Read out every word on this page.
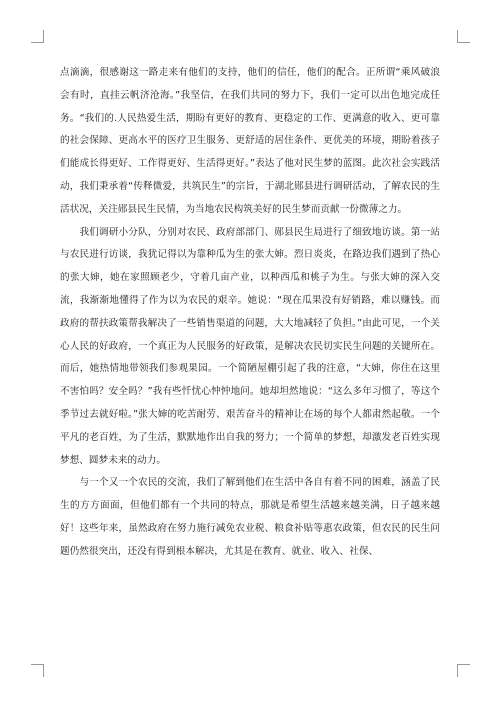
点滴滴，很感谢这一路走来有他们的支持，他们的信任，他们的配合。正所谓“乘风破浪会有时，直挂云帆济沧海。”我坚信，在我们共同的努力下，我们一定可以出色地完成任务。“我们的.人民热爱生活，期盼有更好的教育、更稳定的工作、更满意的收入、更可靠的社会保障、更高水平的医疗卫生服务、更舒适的居住条件、更优美的环境，期盼着孩子们能成长得更好、工作得更好、生活得更好。”表达了他对民生梦的蓝图。此次社会实践活动，我们秉承着“传释微爱，共筑民生”的宗旨，于湖北郧县进行调研活动，了解农民的生活状况，关注郧县民生民情，为当地农民构筑美好的民生梦而贡献一份微薄之力。

我们调研小分队，分别对农民、政府部部门、郧县民生局进行了细致地访谈。第一站与农民进行访谈，我犹记得以为靠种瓜为生的张大婶。烈日炎炎，在路边我们遇到了热心的张大婶，她在家照顾老少，守着几亩产业，以种西瓜和桃子为生。与张大婶的深入交流，我渐渐地懂得了作为以为农民的艰辛。她说：“现在瓜果没有好销路，难以赚钱。而政府的帮扶政策帮我解决了一些销售渠道的问题，大大地减轻了负担。”由此可见，一个关心人民的好政府，一个真正为人民服务的好政策，是解决农民切实民生问题的关键所在。而后，她热情地带领我们参观果园。一个简陋屋棚引起了我的注意，“大婶，你住在这里不害怕吗？安全吗？”我有些忏忧心忡忡地问。她却坦然地说：“这么多年习惯了，等这个季节过去就好啦。”张大婶的吃苦耐劳、艰苦奋斗的精神让在场的每个人都肃然起敬。一个平凡的老百姓，为了生活，默默地作出自我的努力；一个简单的梦想，却激发老百姓实现梦想、圆梦未来的动力。

与一个又一个农民的交流，我们了解到他们在生活中各自有着不同的困难，涵盖了民生的方方面面，但他们都有一个共同的特点，那就是希望生活越来越美满，日子越来越好！这些年来，虽然政府在努力施行减免农业税、粮食补贴等惠农政策，但农民的民生问题仍然很突出，还没有得到根本解决，尤其是在教育、就业、收入、社保、
